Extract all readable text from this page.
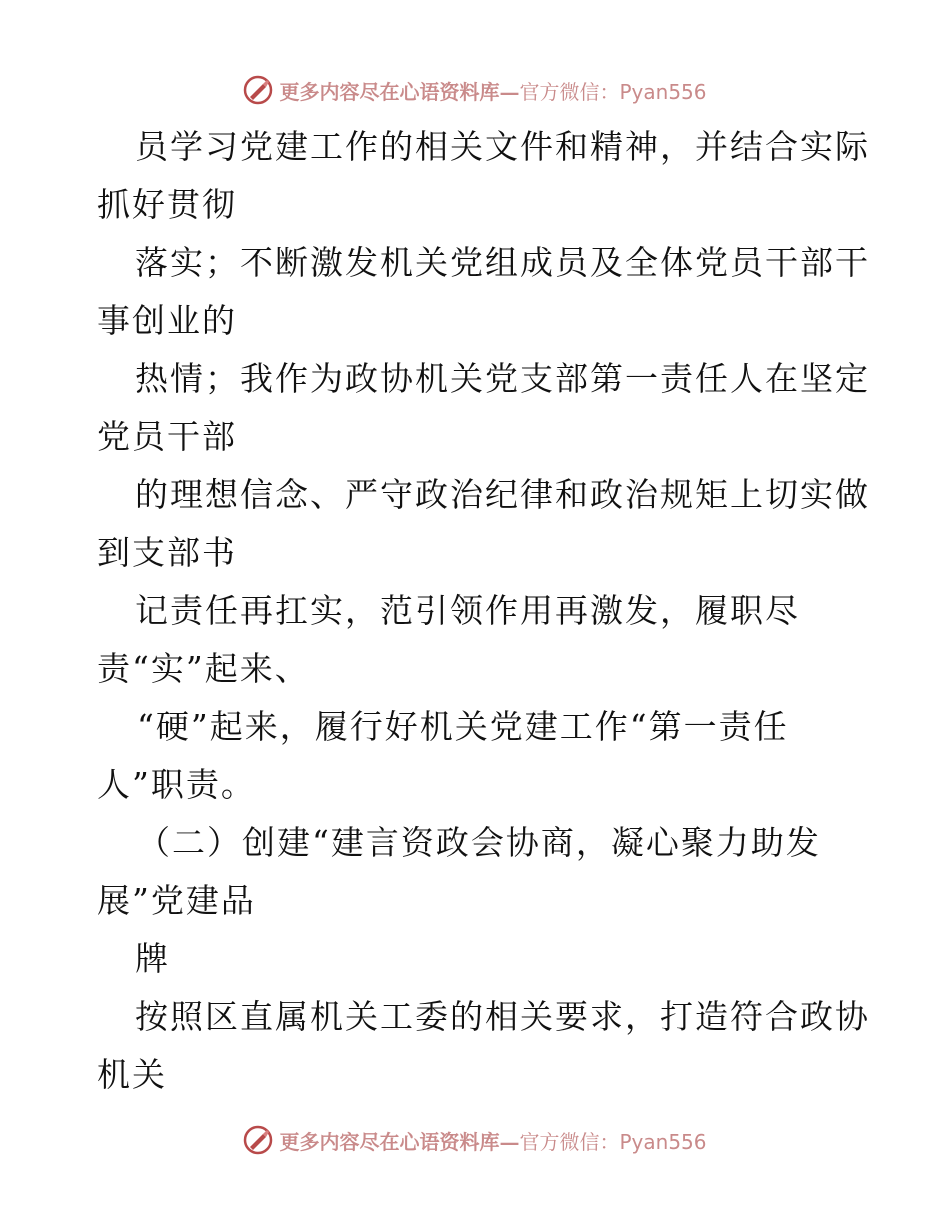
更多内容尽在心语资料库—官方微信：Pyan556
员学习党建工作的相关文件和精神，并结合实际
抓好贯彻
落实；不断激发机关党组成员及全体党员干部干
事创业的
热情；我作为政协机关党支部第一责任人在坚定
党员干部
的理想信念、严守政治纪律和政治规矩上切实做
到支部书
记责任再扛实，范引领作用再激发，履职尽
责“实”起来、
“硬”起来，履行好机关党建工作“第一责任
人”职责。
（二）创建“建言资政会协商，凝心聚力助发
展”党建品
牌
按照区直属机关工委的相关要求，打造符合政协
机关
更多内容尽在心语资料库—官方微信：Pyan556
